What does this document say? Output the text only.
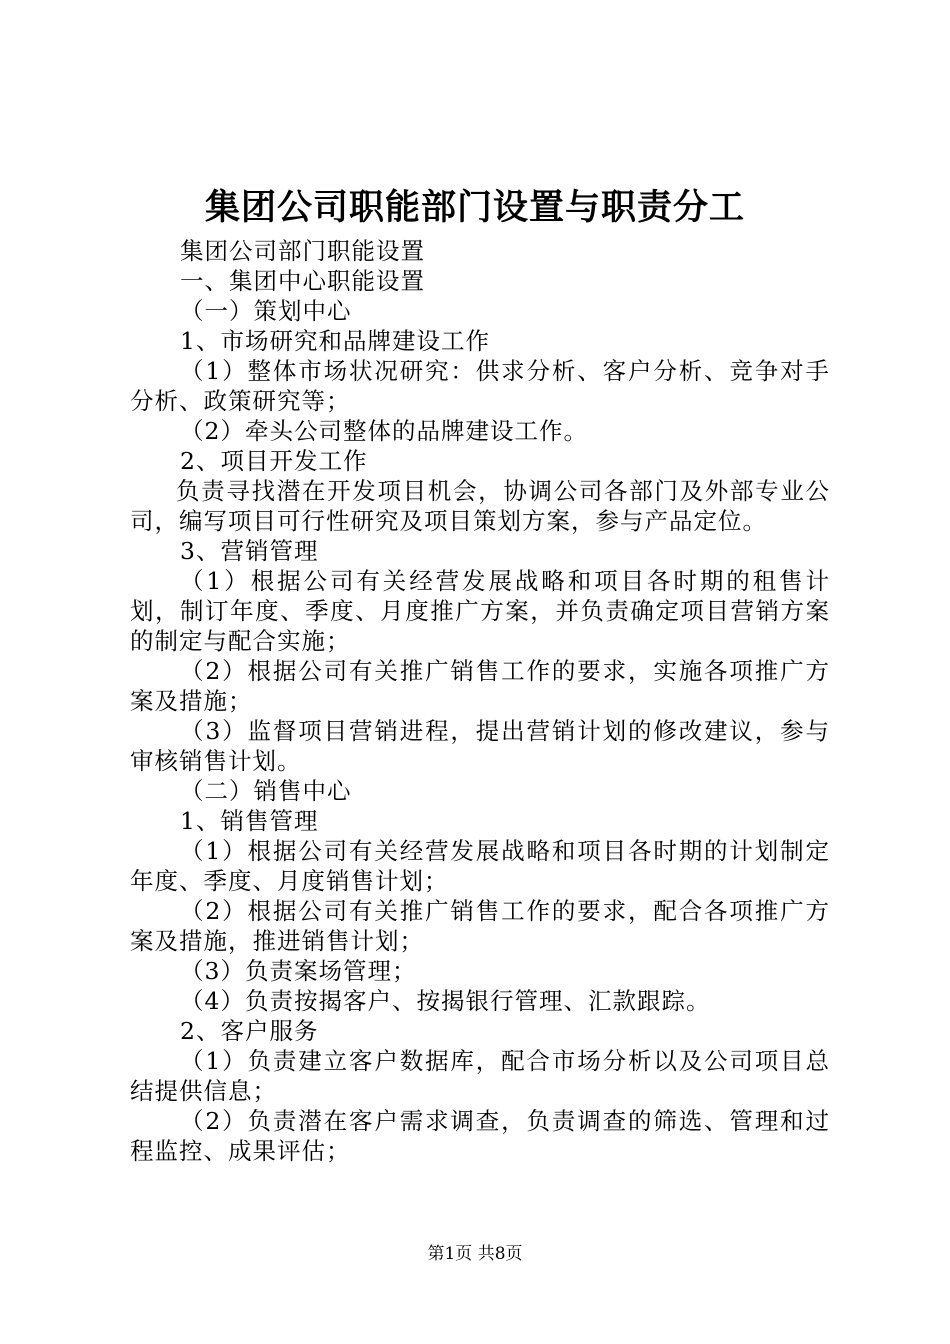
集团公司职能部门设置与职责分工

集团公司部门职能设置

一、集团中心职能设置

（一）策划中心

1、市场研究和品牌建设工作

（1）整体市场状况研究：供求分析、客户分析、竞争对手分析、政策研究等；

（2）牵头公司整体的品牌建设工作。

2、项目开发工作

负责寻找潜在开发项目机会，协调公司各部门及外部专业公司，编写项目可行性研究及项目策划方案，参与产品定位。

3、营销管理

（1）根据公司有关经营发展战略和项目各时期的租售计划，制订年度、季度、月度推广方案，并负责确定项目营销方案的制定与配合实施；

（2）根据公司有关推广销售工作的要求，实施各项推广方案及措施；

（3）监督项目营销进程，提出营销计划的修改建议，参与审核销售计划。

（二）销售中心

1、销售管理

（1）根据公司有关经营发展战略和项目各时期的计划制定年度、季度、月度销售计划；

（2）根据公司有关推广销售工作的要求，配合各项推广方案及措施，推进销售计划；

（3）负责案场管理；

（4）负责按揭客户、按揭银行管理、汇款跟踪。

2、客户服务

（1）负责建立客户数据库，配合市场分析以及公司项目总结提供信息；

（2）负责潜在客户需求调查，负责调查的筛选、管理和过程监控、成果评估；

第1页 共8页
